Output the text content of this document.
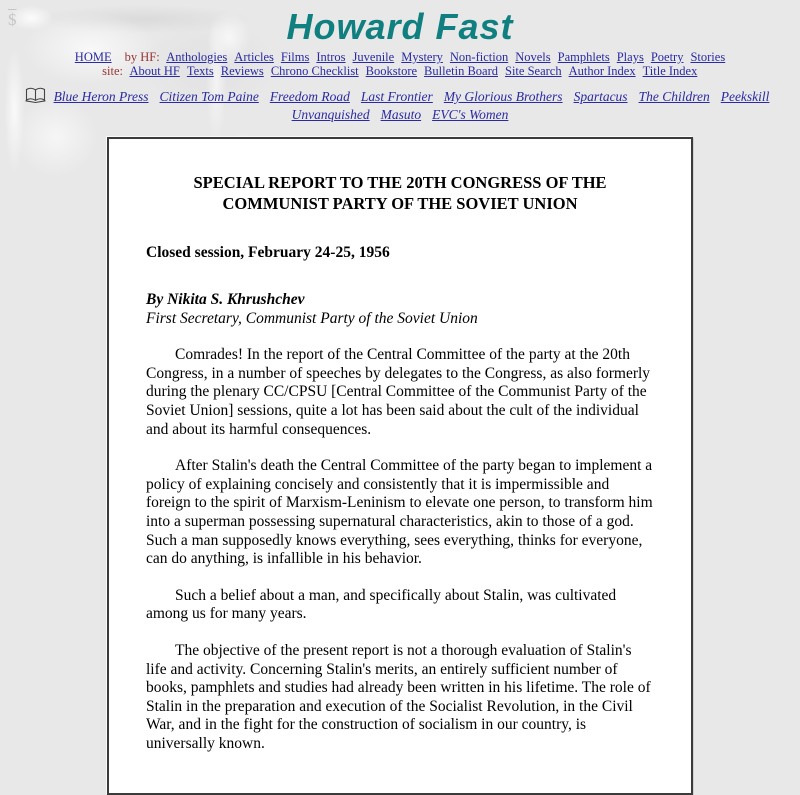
$	Howard Fast
HOME by HF: Anthologies Articles Films Intros Juvenile Mystery Non-fiction Novels Pamphlets Plays Poetry Stories
site: About HF Texts Reviews Chrono Checklist Bookstore Bulletin Board Site Search Author Index Title Index
Blue Heron Press Citizen Tom Paine Freedom Road Last Frontier My Glorious Brothers Spartacus The Children Peekskill
Unvanquished Masuto EVC's Women
SPECIAL REPORT TO THE 20TH CONGRESS OF THE
COMMUNIST PARTY OF THE SOVIET UNION
Closed session, February 24-25, 1956
By Nikita S. Khrushchev
First Secretary, Communist Party of the Soviet Union

Comrades! In the report of the Central Committee of the party at the 20th Congress, in a number of speeches by delegates to the Congress, as also formerly during the plenary CC/CPSU [Central Committee of the Communist Party of the Soviet Union] sessions, quite a lot has been said about the cult of the individual and about its harmful consequences.

After Stalin's death the Central Committee of the party began to implement a policy of explaining concisely and consistently that it is impermissible and foreign to the spirit of Marxism-Leninism to elevate one person, to transform him into a superman possessing supernatural characteristics, akin to those of a god. Such a man supposedly knows everything, sees everything, thinks for everyone, can do anything, is infallible in his behavior.

Such a belief about a man, and specifically about Stalin, was cultivated among us for many years.

The objective of the present report is not a thorough evaluation of Stalin's life and activity. Concerning Stalin's merits, an entirely sufficient number of books, pamphlets and studies had already been written in his lifetime. The role of Stalin in the preparation and execution of the Socialist Revolution, in the Civil War, and in the fight for the construction of socialism in our country, is universally known.
